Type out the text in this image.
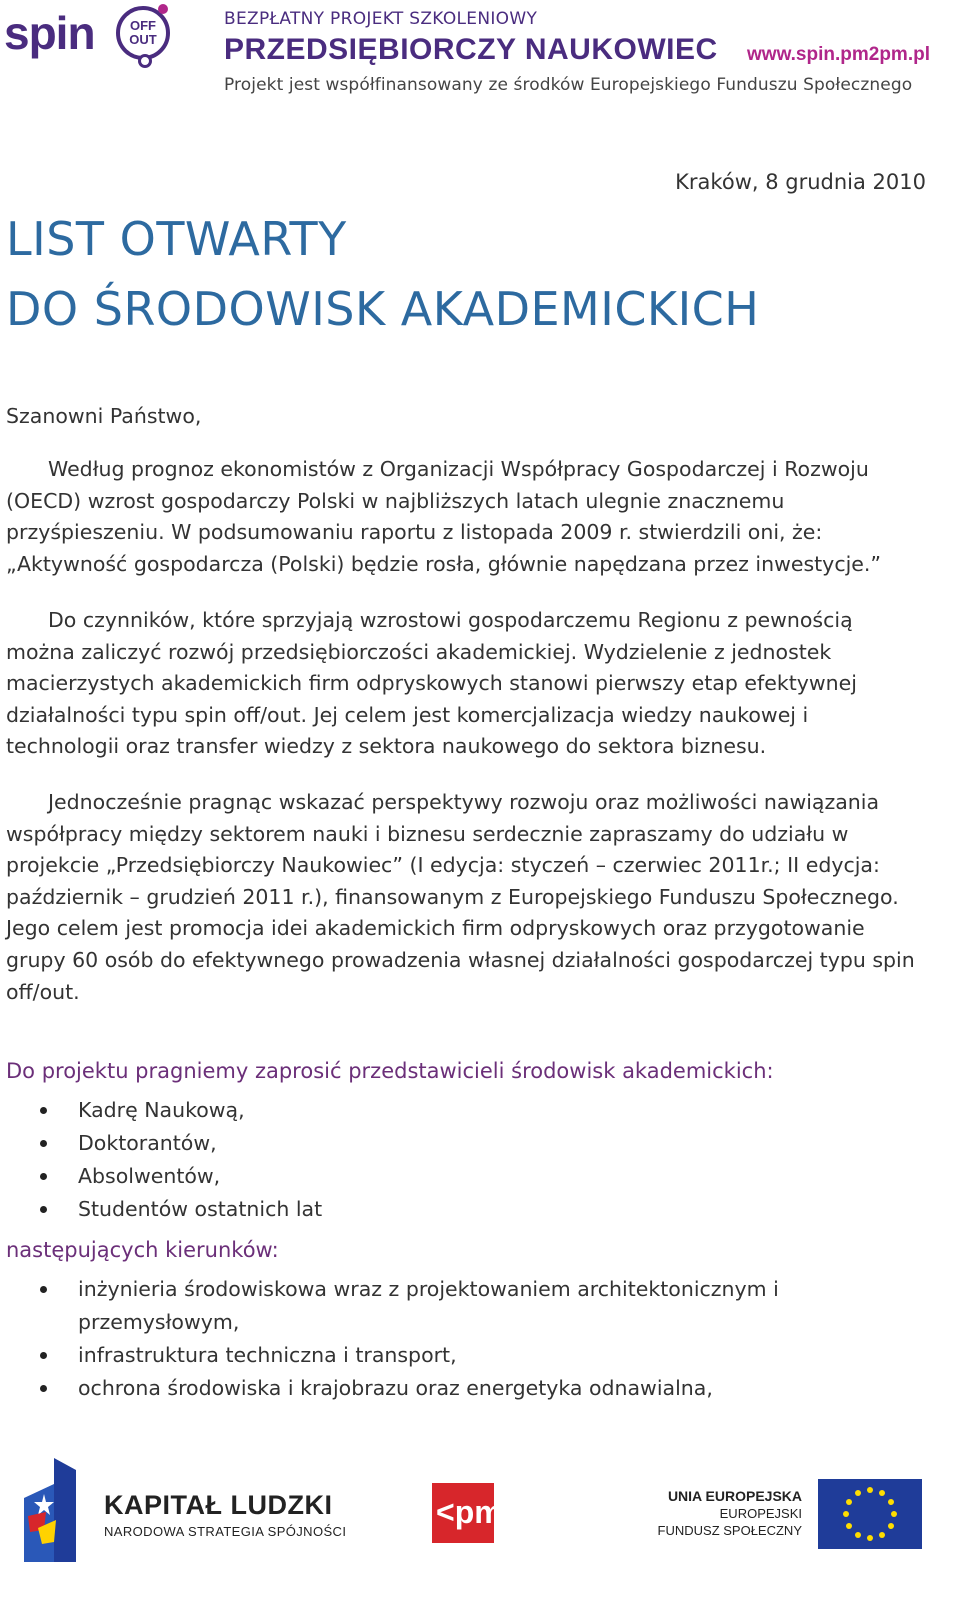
spin	OFF
OUT
BEZPŁATNY PROJEKT SZKOLENIOWY
PRZEDSIĘBIORCZY NAUKOWIEC www.spin.pm2pm.pl
Projekt jest współfinansowany ze środków Europejskiego Funduszu Społecznego
Kraków, 8 grudnia 2010
LIST OTWARTY
DO ŚRODOWISK AKADEMICKICH
Szanowni Państwo,
Według prognoz ekonomistów z Organizacji Współpracy Gospodarczej i Rozwoju (OECD) wzrost gospodarczy Polski w najbliższych latach ulegnie znacznemu przyśpieszeniu. W podsumowaniu raportu z listopada 2009 r. stwierdzili oni, że: „Aktywność gospodarcza (Polski) będzie rosła, głównie napędzana przez inwestycje.”
Do czynników, które sprzyjają wzrostowi gospodarczemu Regionu z pewnością można zaliczyć rozwój przedsiębiorczości akademickiej. Wydzielenie z jednostek macierzystych akademickich firm odpryskowych stanowi pierwszy etap efektywnej działalności typu spin off/out. Jej celem jest komercjalizacja wiedzy naukowej i technologii oraz transfer wiedzy z sektora naukowego do sektora biznesu.
Jednocześnie pragnąc wskazać perspektywy rozwoju oraz możliwości nawiązania współpracy między sektorem nauki i biznesu serdecznie zapraszamy do udziału w projekcie „Przedsiębiorczy Naukowiec” (I edycja: styczeń – czerwiec 2011r.; II edycja: październik – grudzień 2011 r.), finansowanym z Europejskiego Funduszu Społecznego. Jego celem jest promocja idei akademickich firm odpryskowych oraz przygotowanie grupy 60 osób do efektywnego prowadzenia własnej działalności gospodarczej typu spin off/out.
Do projektu pragniemy zaprosić przedstawicieli środowisk akademickich:
Kadrę Naukową,
Doktorantów,
Absolwentów,
Studentów ostatnich lat
następujących kierunków:
inżynieria środowiskowa wraz z projektowaniem architektonicznym i przemysłowym,
infrastruktura techniczna i transport,
ochrona środowiska i krajobrazu oraz energetyka odnawialna,
KAPITAŁ LUDZKI
NARODOWA STRATEGIA SPÓJNOŚCI
<pm2pm>	UNIA EUROPEJSKA
EUROPEJSKI
FUNDUSZ SPOŁECZNY
